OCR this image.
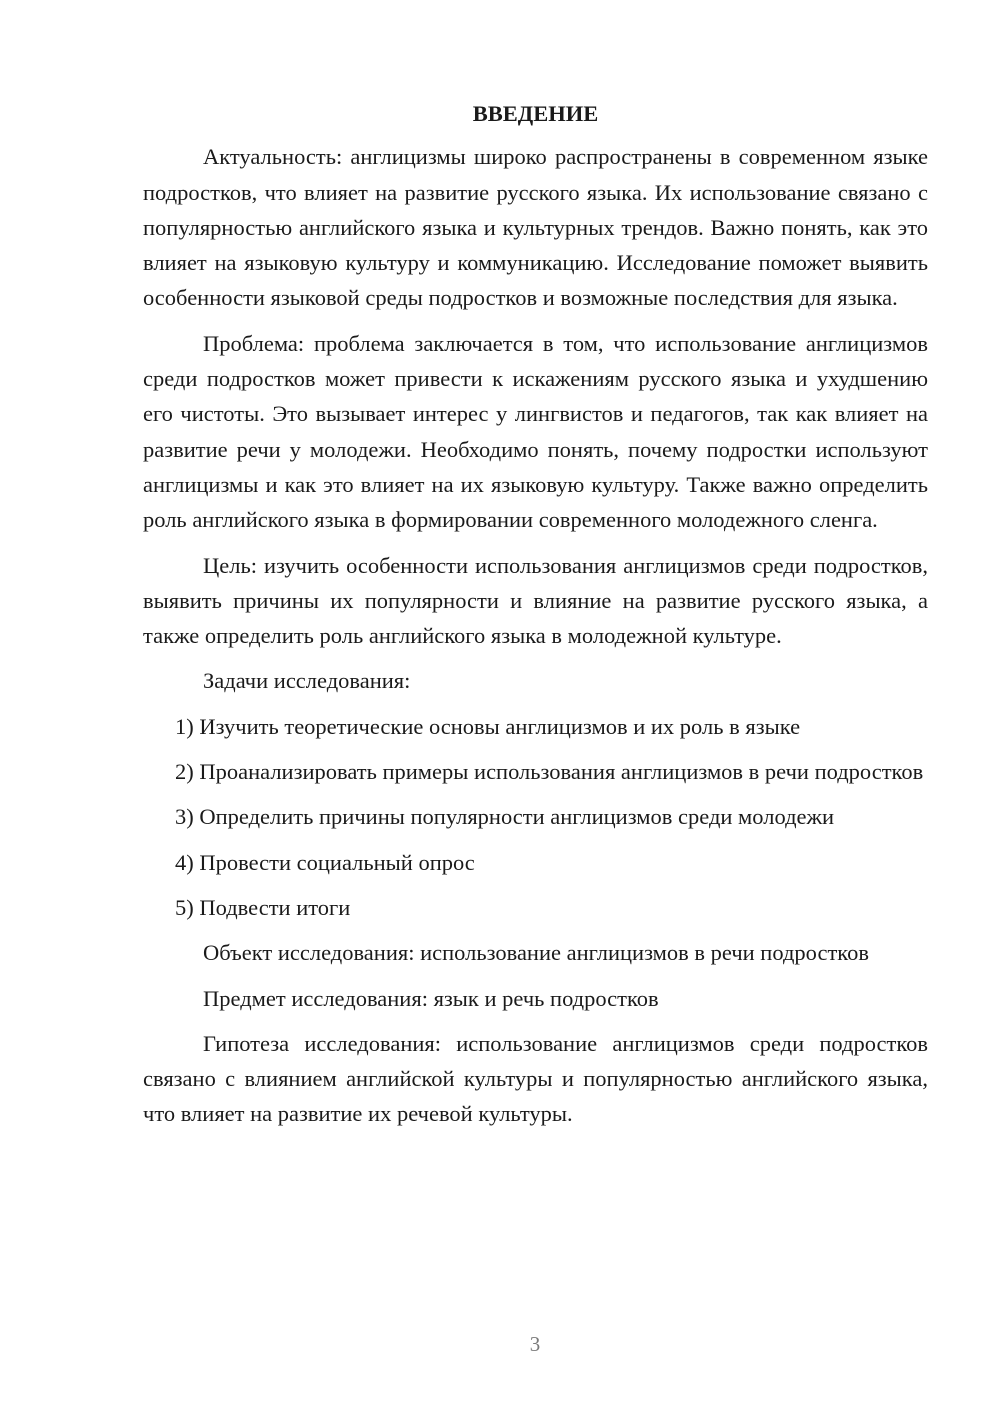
ВВЕДЕНИЕ
Актуальность: англицизмы широко распространены в современном языке подростков, что влияет на развитие русского языка. Их использование связано с популярностью английского языка и культурных трендов. Важно понять, как это влияет на языковую культуру и коммуникацию. Исследование поможет выявить особенности языковой среды подростков и возможные последствия для языка.
Проблема: проблема заключается в том, что использование англицизмов среди подростков может привести к искажениям русского языка и ухудшению его чистоты. Это вызывает интерес у лингвистов и педагогов, так как влияет на развитие речи у молодежи. Необходимо понять, почему подростки используют англицизмы и как это влияет на их языковую культуру. Также важно определить роль английского языка в формировании современного молодежного сленга.
Цель: изучить особенности использования англицизмов среди подростков, выявить причины их популярности и влияние на развитие русского языка, а также определить роль английского языка в молодежной культуре.
Задачи исследования:
1) Изучить теоретические основы англицизмов и их роль в языке
2) Проанализировать примеры использования англицизмов в речи подростков
3) Определить причины популярности англицизмов среди молодежи
4) Провести социальный опрос
5) Подвести итоги
Объект исследования: использование англицизмов в речи подростков
Предмет исследования: язык и речь подростков
Гипотеза исследования: использование англицизмов среди подростков связано с влиянием английской культуры и популярностью английского языка, что влияет на развитие их речевой культуры.
3
